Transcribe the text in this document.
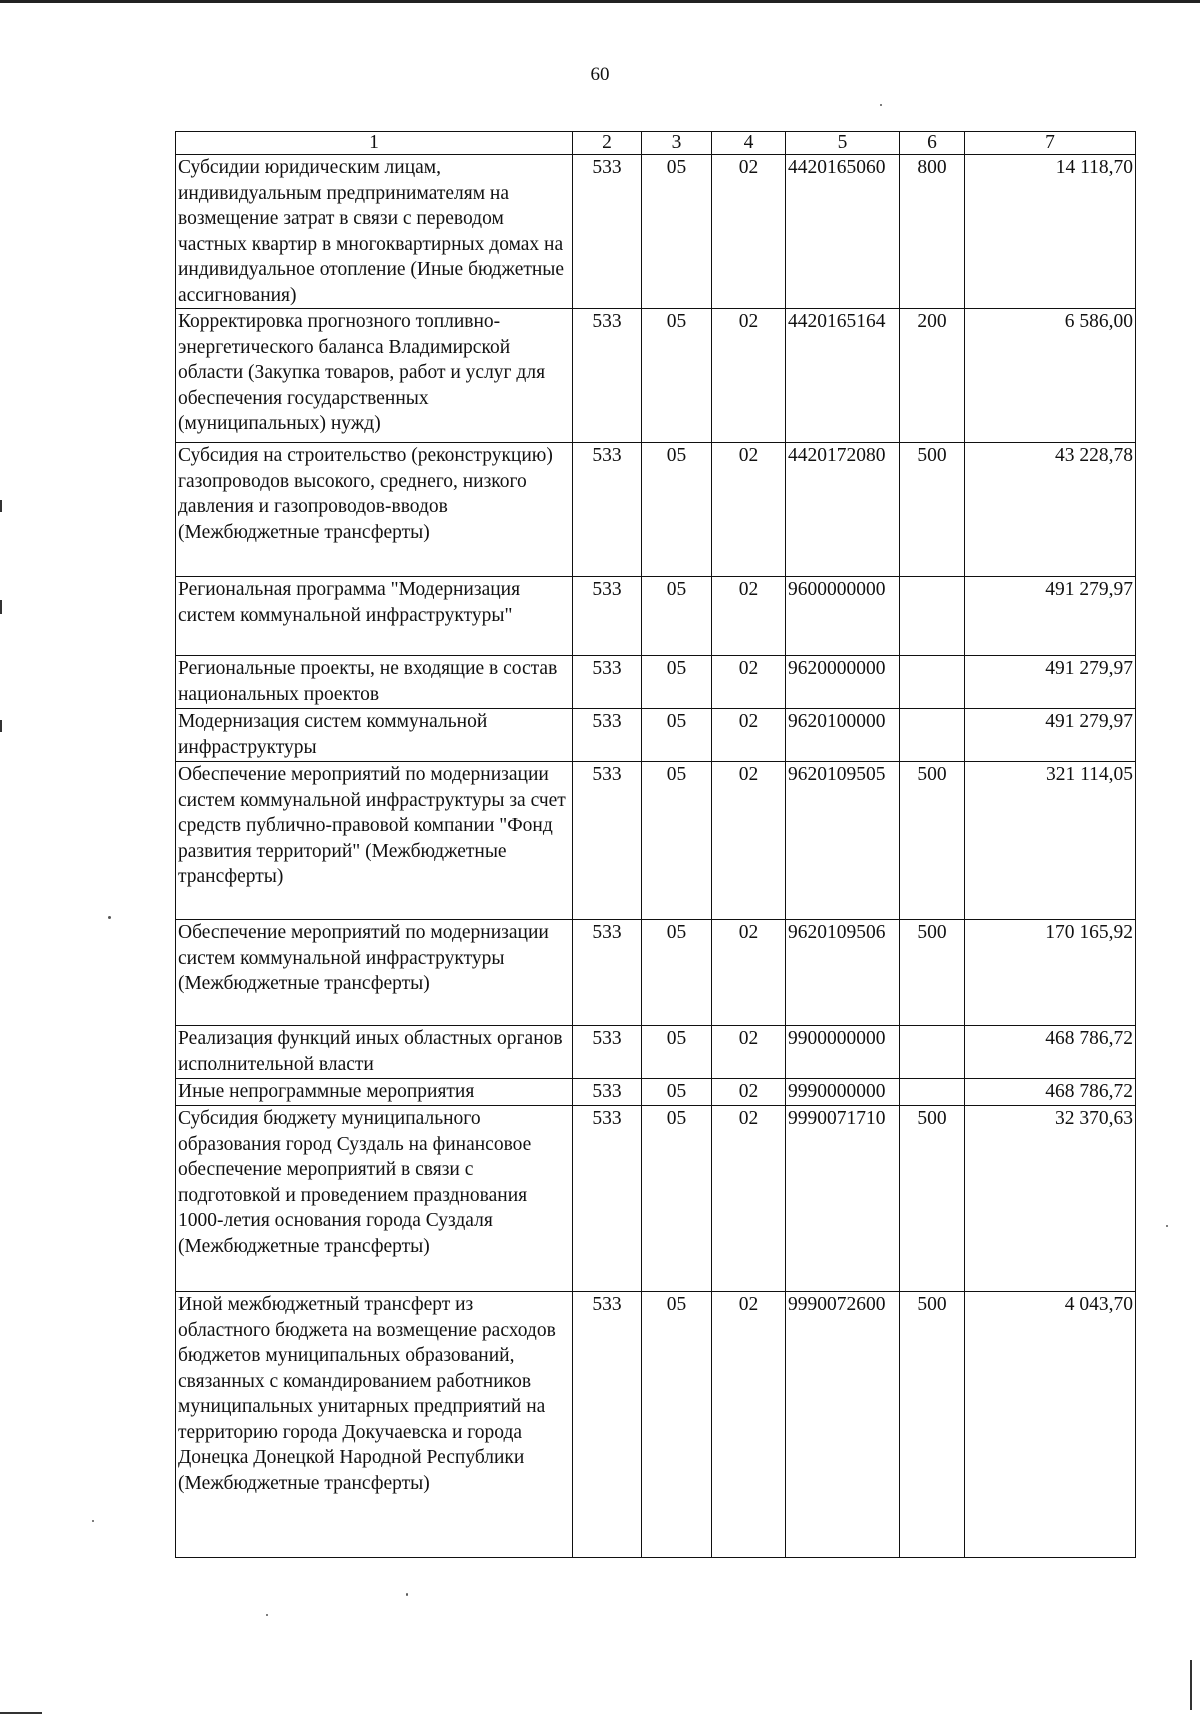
60
1	2	3	4	5	6	7
Субсидии юридическим лицам, индивидуальным предпринимателям на возмещение затрат в связи с переводом частных квартир в многоквартирных домах на индивидуальное отопление (Иные бюджетные ассигнования)	533	05	02	4420165060	800	14 118,70
Корректировка прогнозного топливно-энергетического баланса Владимирской области (Закупка товаров, работ и услуг для обеспечения государственных (муниципальных) нужд)	533	05	02	4420165164	200	6 586,00
Субсидия на строительство (реконструкцию) газопроводов высокого, среднего, низкого давления и газопроводов-вводов (Межбюджетные трансферты)	533	05	02	4420172080	500	43 228,78
Региональная программа "Модернизация систем коммунальной инфраструктуры"	533	05	02	9600000000		491 279,97
Региональные проекты, не входящие в состав национальных проектов	533	05	02	9620000000		491 279,97
Модернизация систем коммунальной инфраструктуры	533	05	02	9620100000		491 279,97
Обеспечение мероприятий по модернизации систем коммунальной инфраструктуры за счет средств публично-правовой компании "Фонд развития территорий" (Межбюджетные трансферты)	533	05	02	9620109505	500	321 114,05
Обеспечение мероприятий по модернизации систем коммунальной инфраструктуры (Межбюджетные трансферты)	533	05	02	9620109506	500	170 165,92
Реализация функций иных областных органов исполнительной власти	533	05	02	9900000000		468 786,72
Иные непрограммные мероприятия	533	05	02	9990000000		468 786,72
Субсидия бюджету муниципального образования город Суздаль на финансовое обеспечение мероприятий в связи с подготовкой и проведением празднования 1000-летия основания города Суздаля (Межбюджетные трансферты)	533	05	02	9990071710	500	32 370,63
Иной межбюджетный трансферт из областного бюджета на возмещение расходов бюджетов муниципальных образований, связанных с командированием работников муниципальных унитарных предприятий на территорию города Докучаевска и города Донецка Донецкой Народной Республики (Межбюджетные трансферты)	533	05	02	9990072600	500	4 043,70
